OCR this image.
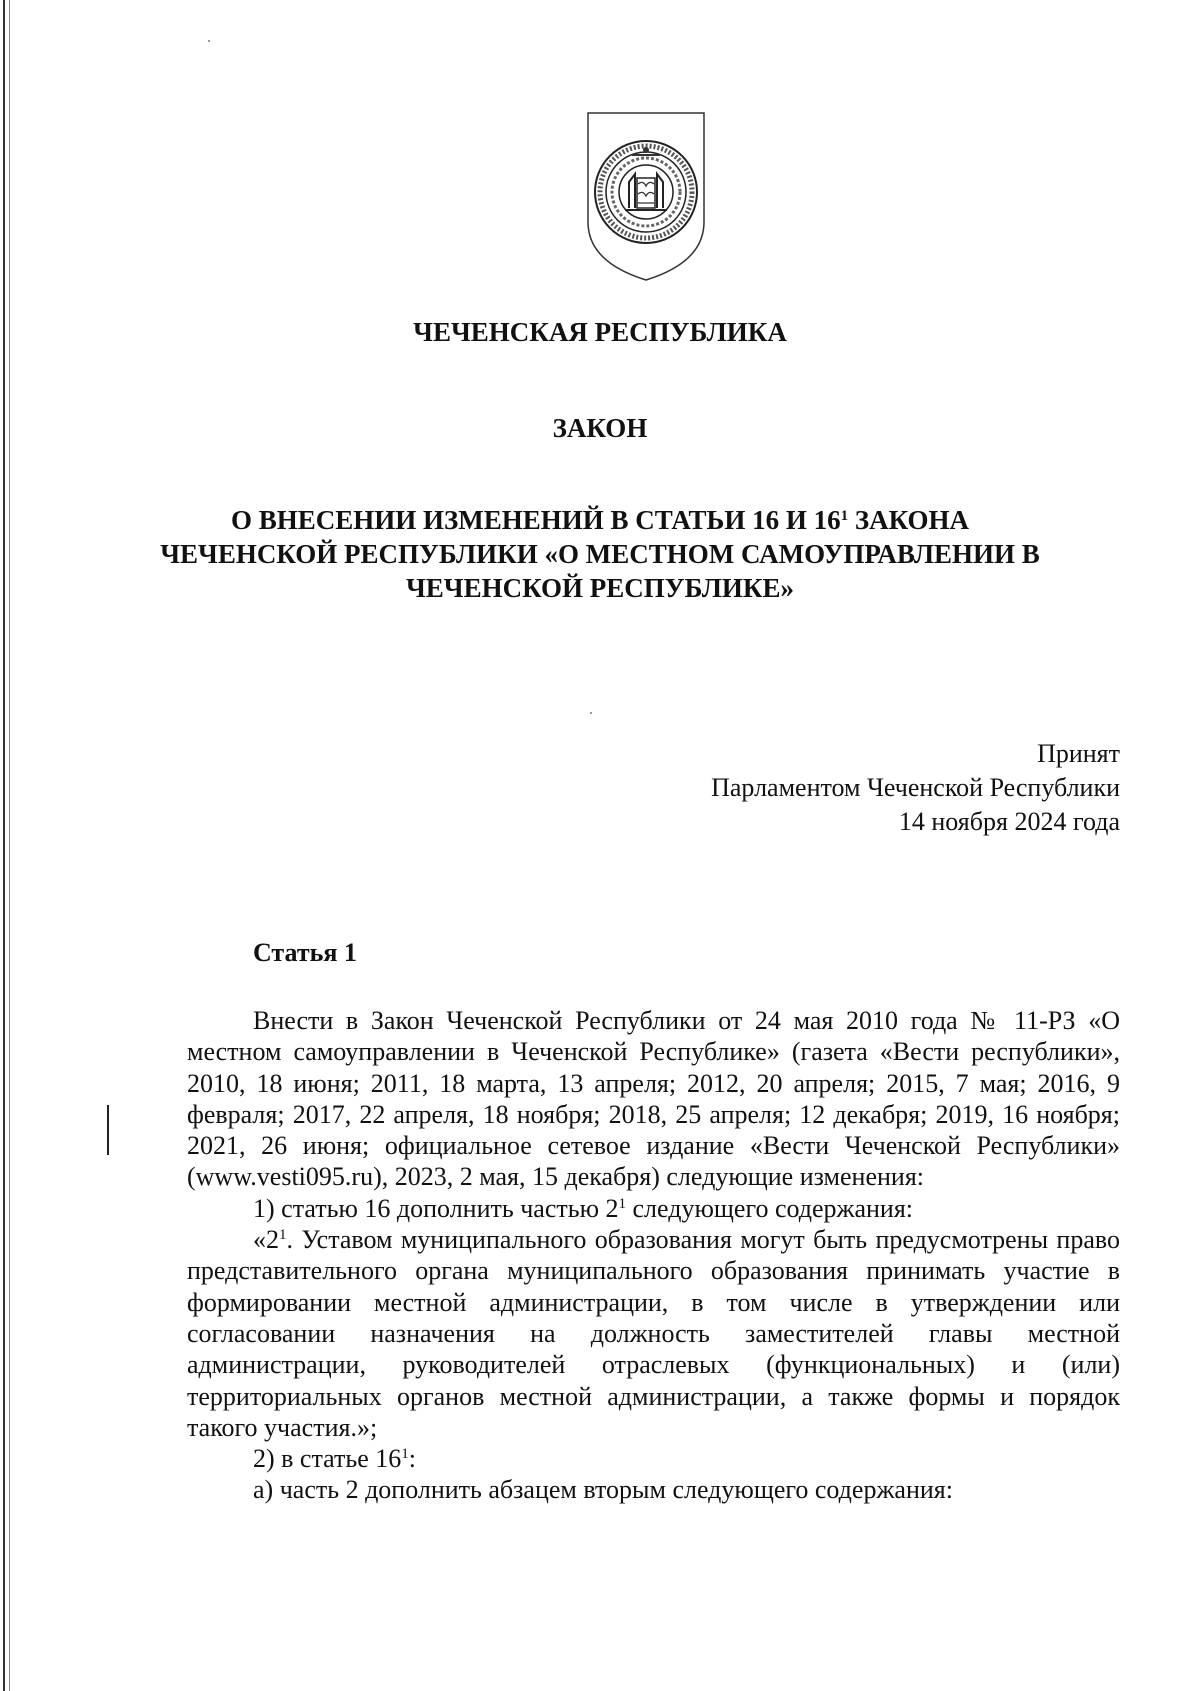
ЧЕЧЕНСКАЯ РЕСПУБЛИКА

ЗАКОН

О ВНЕСЕНИИ ИЗМЕНЕНИЙ В СТАТЬИ 16 И $16^1$ ЗАКОНА
ЧЕЧЕНСКОЙ РЕСПУБЛИКИ «О МЕСТНОМ САМОУПРАВЛЕНИИ В
ЧЕЧЕНСКОЙ РЕСПУБЛИКЕ»
Принят
Парламентом Чеченской Республики
14 ноября 2024 года

Статья 1

Внести в Закон Чеченской Республики от 24 мая 2010 года № 11-РЗ «О местном самоуправлении в Чеченской Республике» (газета «Вести республики», 2010, 18 июня; 2011, 18 марта, 13 апреля; 2012, 20 апреля; 2015, 7 мая; 2016, 9 февраля; 2017, 22 апреля, 18 ноября; 2018, 25 апреля; 12 декабря; 2019, 16 ноября; 2021, 26 июня; официальное сетевое издание «Вести Чеченской Республики» (www.vesti095.ru), 2023, 2 мая, 15 декабря) следующие изменения:

1) статью 16 дополнить частью $2^1$ следующего содержания:

«$2^1$. Уставом муниципального образования могут быть предусмотрены право представительного органа муниципального образования принимать участие в формировании местной администрации, в том числе в утверждении или согласовании назначения на должность заместителей главы местной администрации, руководителей отраслевых (функциональных) и (или) территориальных органов местной администрации, а также формы и порядок такого участия.»;

2) в статье $16^1$:

а) часть 2 дополнить абзацем вторым следующего содержания:
